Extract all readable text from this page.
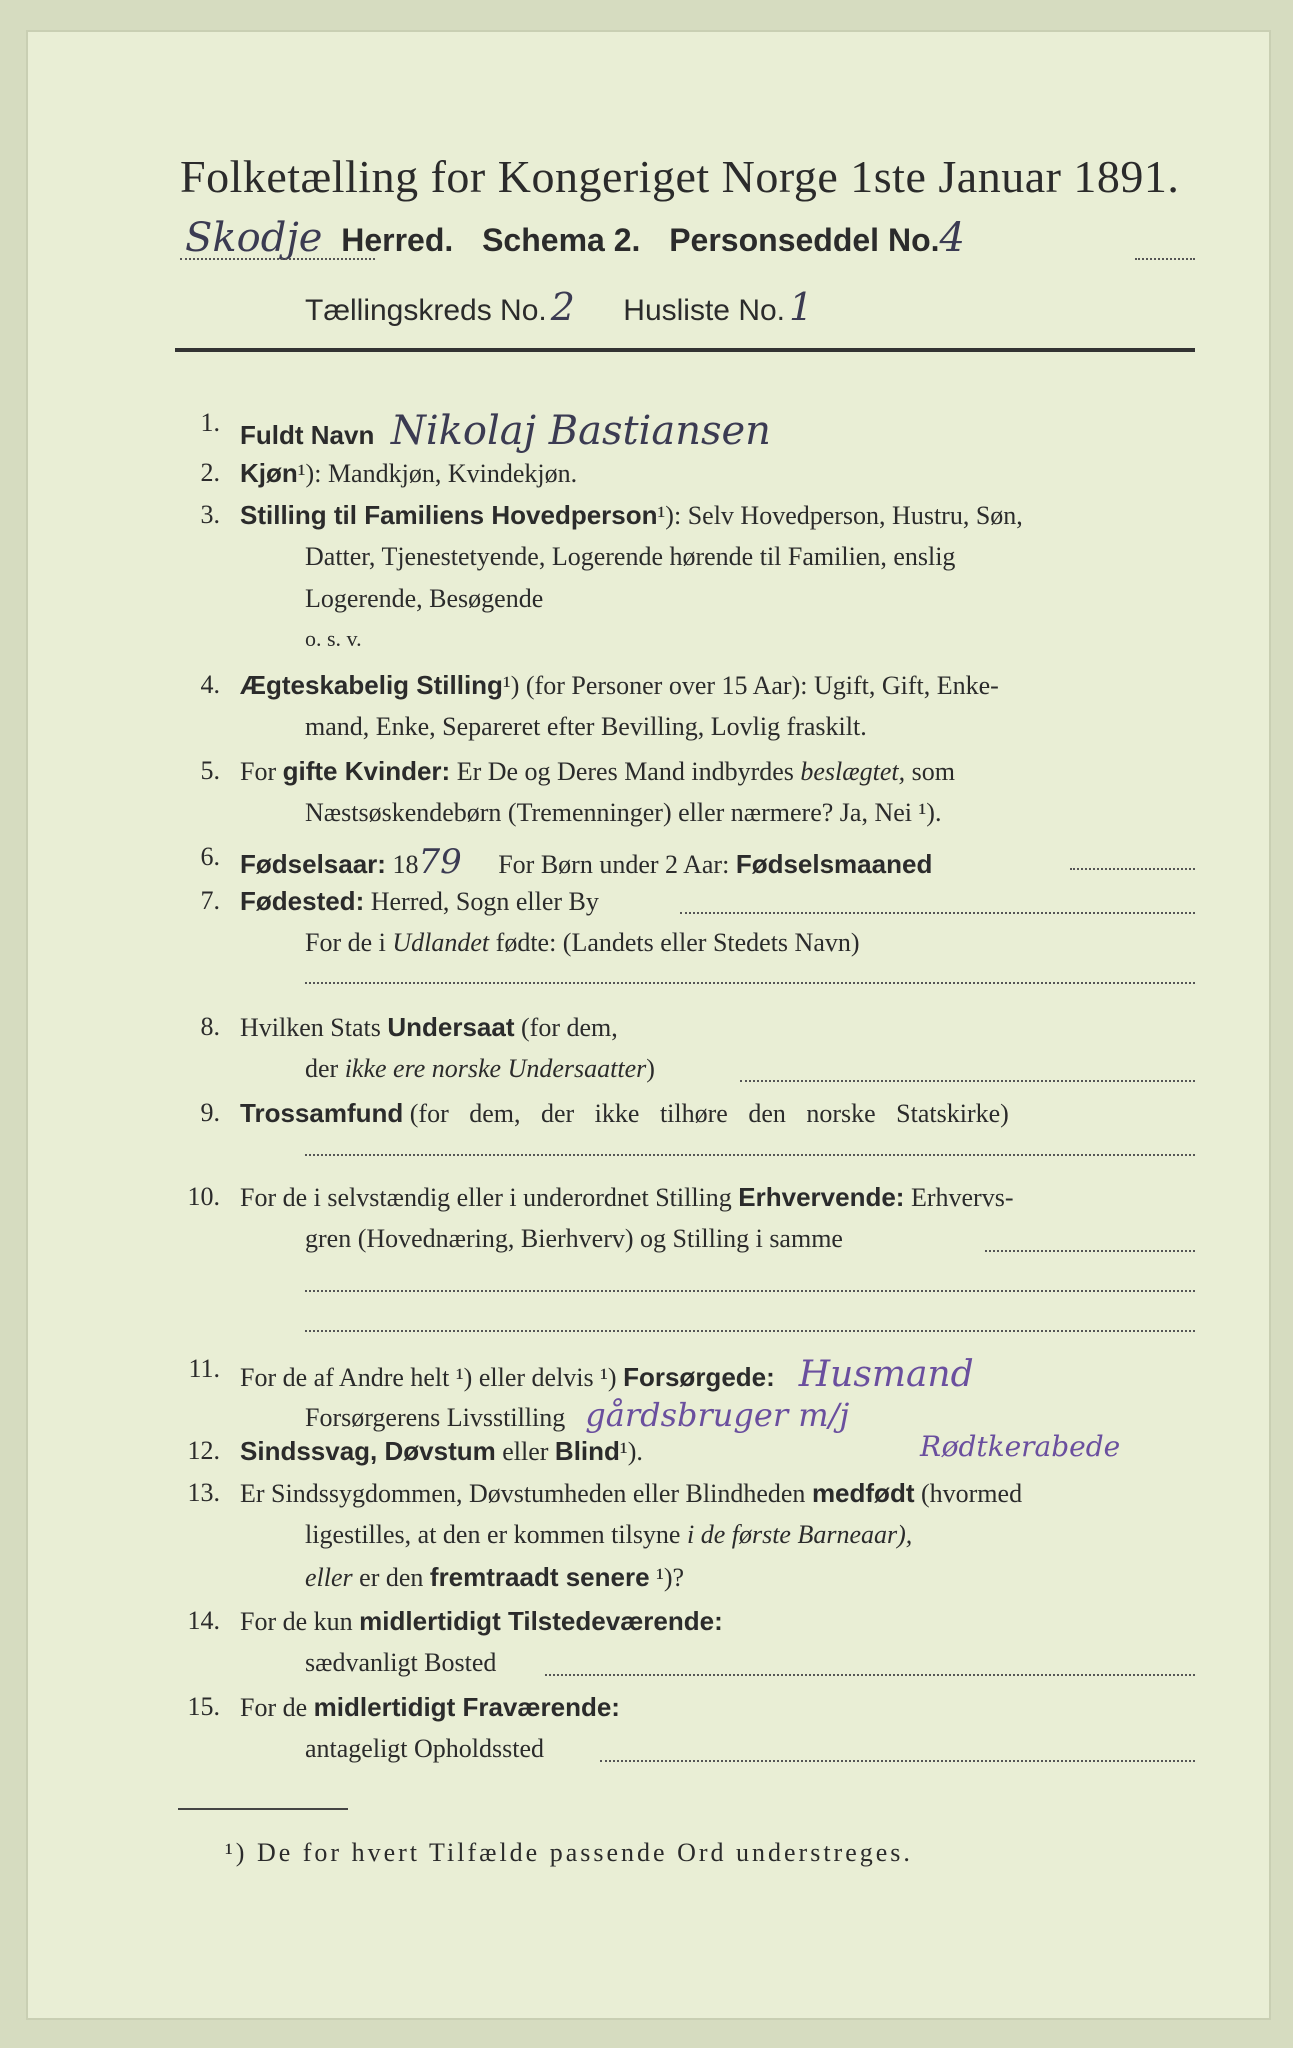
Folketælling for Kongeriget Norge 1ste Januar 1891.
Skodje Herred. Schema 2. Personseddel No.4
Tællingskreds No. 2 Husliste No. 1
1. Fuldt Navn Nikolaj Bastiansen
2. Kjøn¹): Mandkjøn, Kvindekjøn.
3. Stilling til Familiens Hovedperson¹): Selv Hovedperson, Hustru, Søn,
Datter, Tjenestetyende, Logerende hørende til Familien, enslig
Logerende, Besøgende
o. s. v.
4. Ægteskabelig Stilling¹) (for Personer over 15 Aar): Ugift, Gift, Enke-
mand, Enke, Separeret efter Bevilling, Lovlig fraskilt.
5. For gifte Kvinder: Er De og Deres Mand indbyrdes beslægtet, som
Næstsøskendebørn (Tremenninger) eller nærmere? Ja, Nei ¹).
6. Fødselsaar: 1879 For Børn under 2 Aar: Fødselsmaaned
7. Fødested: Herred, Sogn eller By
For de i Udlandet fødte: (Landets eller Stedets Navn)
8. Hvilken Stats Undersaat (for dem,
der ikke ere norske Undersaatter)
9. Trossamfund (for dem, der ikke tilhøre den norske Statskirke)
10. For de i selvstændig eller i underordnet Stilling Erhvervende: Erhvervs-
gren (Hovednæring, Bierhverv) og Stilling i samme
11. For de af Andre helt ¹) eller delvis ¹) Forsørgede: Husmand
Forsørgerens Livsstilling gårdsbruger m/j
Rødtkerabede
12. Sindssvag, Døvstum eller Blind¹).
13. Er Sindssygdommen, Døvstumheden eller Blindheden medfødt (hvormed
ligestilles, at den er kommen tilsyne i de første Barneaar),
eller er den fremtraadt senere ¹)?
14. For de kun midlertidigt Tilstedeværende:
sædvanligt Bosted
15. For de midlertidigt Fraværende:
antageligt Opholdssted
¹) De for hvert Tilfælde passende Ord understreges.
